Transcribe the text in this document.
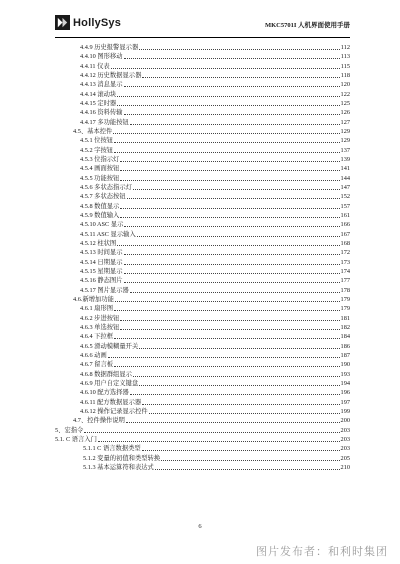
HollySys	MKC5701I 人机界面使用手册
4.4.9 历史报警显示器	112
4.4.10 图形移动	113
4.4.11 仪表	115
4.4.12 历史数据显示器	118
4.4.13 消息显示	120
4.4.14 滚动块	122
4.4.15 定时器	125
4.4.16 资料传输	126
4.4.17 多功能按钮	127
4.5、基本控件	129
4.5.1 位按钮	129
4.5.2 字按钮	137
4.5.3 位指示灯	139
4.5.4 画面按钮	141
4.5.5 功能按钮	144
4.5.6 多状态指示灯	147
4.5.7 多状态按钮	152
4.5.8 数值显示	157
4.5.9 数值输入	161
4.5.10 ASC 显示	166
4.5.11 ASC 显示输入	167
4.5.12 柱状图	168
4.5.13 时间显示	172
4.5.14 日期显示	173
4.5.15 星期显示	174
4.5.16 静态图片	177
4.5.17 图片显示器	178
4.6.新增加功能	179
4.6.1 扇形图	179
4.6.2 步进按钮	181
4.6.3 单选按钮	182
4.6.4 下拉框	184
4.6.5 滑动模糊量开关	186
4.6.6 动画	187
4.6.7 留言板	190
4.6.8 数据群组显示	193
4.6.9 用户自定义键盘	194
4.6.10 配方选择器	196
4.6.11 配方数据显示器	197
4.6.12 操作记录显示控件	199
4.7、控件操作说明	200
5、宏指令	203
5.1. C 语言入门	203
5.1.1 C 语言数据类型	203
5.1.2 变量的初值和类型转换	205
5.1.3 基本运算符和表达式	210
6
图片发布者：和利时集团
